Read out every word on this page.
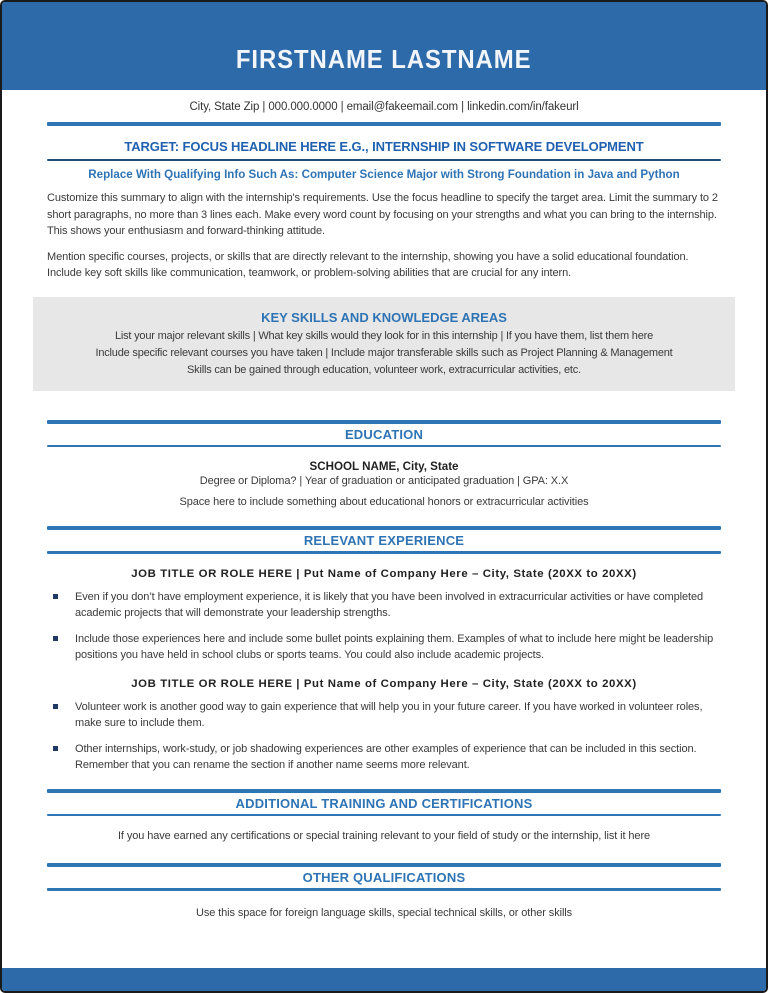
FIRSTNAME LASTNAME
City, State Zip | 000.000.0000 | email@fakeemail.com | linkedin.com/in/fakeurl
TARGET: FOCUS HEADLINE HERE E.G., INTERNSHIP IN SOFTWARE DEVELOPMENT
Replace With Qualifying Info Such As: Computer Science Major with Strong Foundation in Java and Python

Customize this summary to align with the internship's requirements. Use the focus headline to specify the target area. Limit the summary to 2 short paragraphs, no more than 3 lines each. Make every word count by focusing on your strengths and what you can bring to the internship. This shows your enthusiasm and forward-thinking attitude.

Mention specific courses, projects, or skills that are directly relevant to the internship, showing you have a solid educational foundation. Include key soft skills like communication, teamwork, or problem-solving abilities that are crucial for any intern.

KEY SKILLS AND KNOWLEDGE AREAS
List your major relevant skills | What key skills would they look for in this internship | If you have them, list them here
Include specific relevant courses you have taken | Include major transferable skills such as Project Planning & Management
Skills can be gained through education, volunteer work, extracurricular activities, etc.
EDUCATION
SCHOOL NAME, City, State
Degree or Diploma? | Year of graduation or anticipated graduation | GPA: X.X
Space here to include something about educational honors or extracurricular activities
RELEVANT EXPERIENCE
JOB TITLE OR ROLE HERE | Put Name of Company Here – City, State (20XX to 20XX)
Even if you don’t have employment experience, it is likely that you have been involved in extracurricular activities or have completed academic projects that will demonstrate your leadership strengths.
Include those experiences here and include some bullet points explaining them. Examples of what to include here might be leadership positions you have held in school clubs or sports teams. You could also include academic projects.
JOB TITLE OR ROLE HERE | Put Name of Company Here – City, State (20XX to 20XX)
Volunteer work is another good way to gain experience that will help you in your future career. If you have worked in volunteer roles, make sure to include them.
Other internships, work-study, or job shadowing experiences are other examples of experience that can be included in this section. Remember that you can rename the section if another name seems more relevant.
ADDITIONAL TRAINING AND CERTIFICATIONS
If you have earned any certifications or special training relevant to your field of study or the internship, list it here
OTHER QUALIFICATIONS
Use this space for foreign language skills, special technical skills, or other skills
